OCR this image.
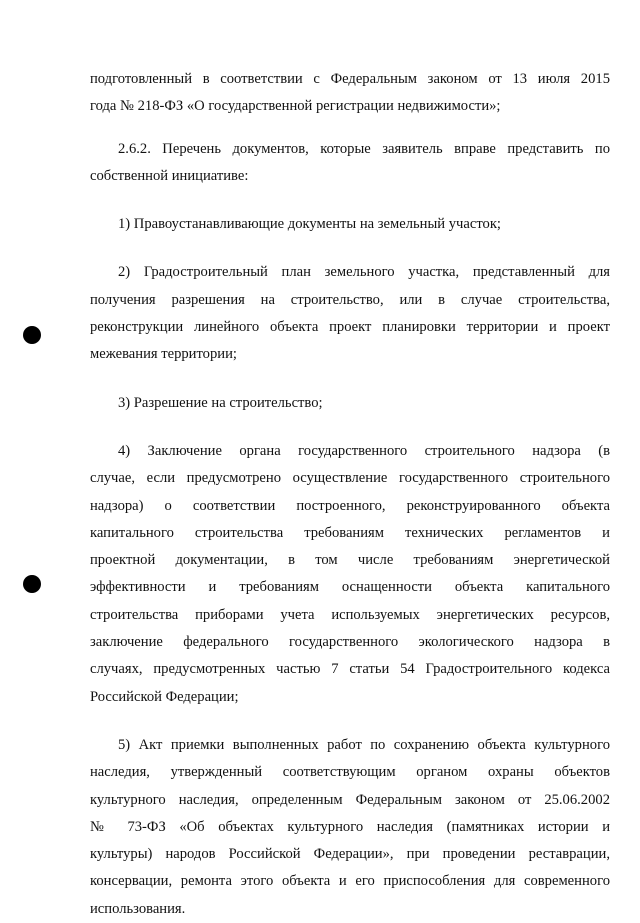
подготовленный в соответствии с Федеральным законом от 13 июля 2015
года № 218-ФЗ «О государственной регистрации недвижимости»;

2.6.2. Перечень документов, которые заявитель вправе представить по
собственной инициативе:

1) Правоустанавливающие документы на земельный участок;

2) Градостроительный план земельного участка, представленный для
получения разрешения на строительство, или в случае строительства,
реконструкции линейного объекта проект планировки территории и проект
межевания территории;

3) Разрешение на строительство;

4) Заключение органа государственного строительного надзора (в
случае, если предусмотрено осуществление государственного строительного
надзора) о соответствии построенного, реконструированного объекта
капитального строительства требованиям технических регламентов и
проектной документации, в том числе требованиям энергетической
эффективности и требованиям оснащенности объекта капитального
строительства приборами учета используемых энергетических ресурсов,
заключение федерального государственного экологического надзора в
случаях, предусмотренных частью 7 статьи 54 Градостроительного кодекса
Российской Федерации;

5) Акт приемки выполненных работ по сохранению объекта культурного
наследия, утвержденный соответствующим органом охраны объектов
культурного наследия, определенным Федеральным законом от 25.06.2002
№ 73-ФЗ «Об объектах культурного наследия (памятниках истории и
культуры) народов Российской Федерации», при проведении реставрации,
консервации, ремонта этого объекта и его приспособления для современного
использования.
